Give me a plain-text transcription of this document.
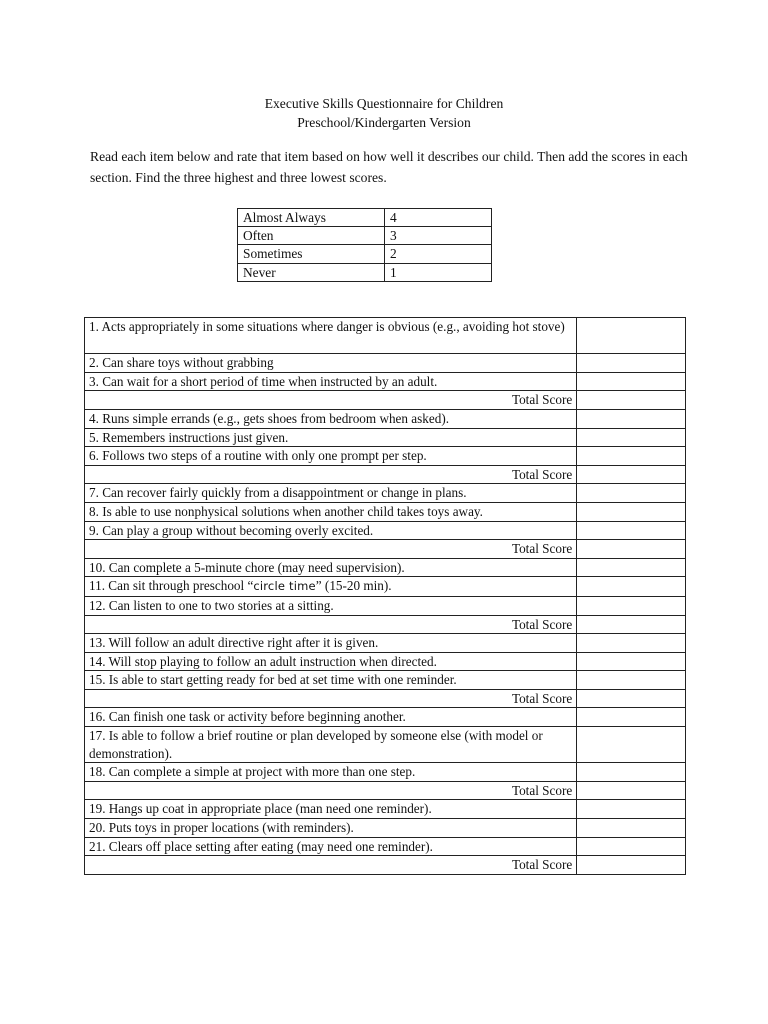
Executive Skills Questionnaire for Children
Preschool/Kindergarten Version
Read each item below and rate that item based on how well it describes our child. Then add the scores in each section. Find the three highest and three lowest scores.
Almost Always	4
Often	3
Sometimes	2
Never	1
1. Acts appropriately in some situations where danger is obvious (e.g., avoiding hot stove)	
2. Can share toys without grabbing	
3. Can wait for a short period of time when instructed by an adult.	
Total Score	
4. Runs simple errands (e.g., gets shoes from bedroom when asked).	
5. Remembers instructions just given.	
6. Follows two steps of a routine with only one prompt per step.	
Total Score	
7. Can recover fairly quickly from a disappointment or change in plans.	
8. Is able to use nonphysical solutions when another child takes toys away.	
9. Can play a group without becoming overly excited.	
Total Score	
10. Can complete a 5-minute chore (may need supervision).	
11. Can sit through preschool “circle time” (15-20 min).	
12. Can listen to one to two stories at a sitting.	
Total Score	
13. Will follow an adult directive right after it is given.	
14. Will stop playing to follow an adult instruction when directed.	
15. Is able to start getting ready for bed at set time with one reminder.	
Total Score	
16. Can finish one task or activity before beginning another.	
17. Is able to follow a brief routine or plan developed by someone else (with model or demonstration).	
18. Can complete a simple at project with more than one step.	
Total Score	
19. Hangs up coat in appropriate place (man need one reminder).	
20. Puts toys in proper locations (with reminders).	
21. Clears off place setting after eating (may need one reminder).	
Total Score	
